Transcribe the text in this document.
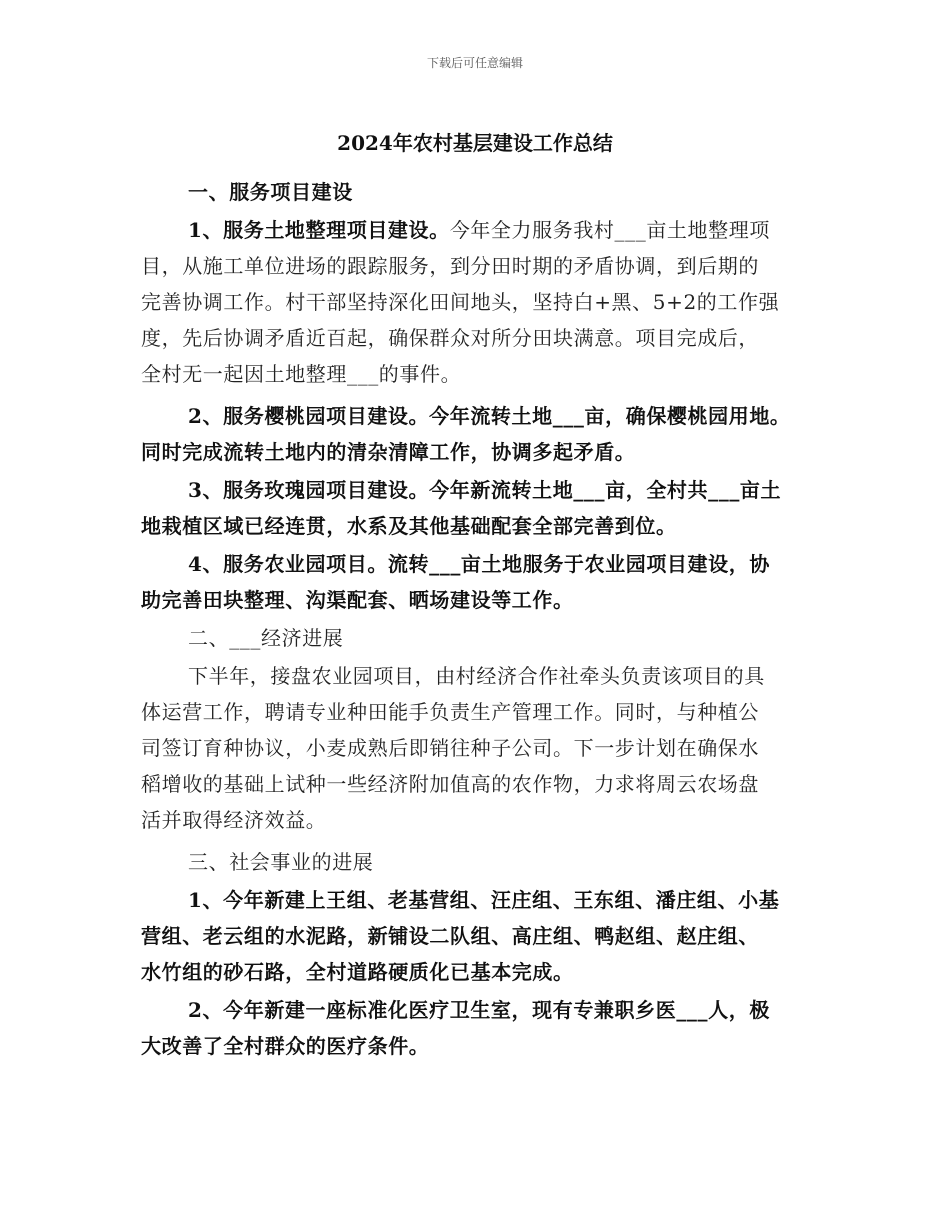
下载后可任意编辑
2024年农村基层建设工作总结
一、服务项目建设
1、服务土地整理项目建设。今年全力服务我村___亩土地整理项
目，从施工单位进场的跟踪服务，到分田时期的矛盾协调，到后期的
完善协调工作。村干部坚持深化田间地头，坚持白+黑、5+2的工作强
度，先后协调矛盾近百起，确保群众对所分田块满意。项目完成后，
全村无一起因土地整理___的事件。
2、服务樱桃园项目建设。今年流转土地___亩，确保樱桃园用地。
同时完成流转土地内的清杂清障工作，协调多起矛盾。
3、服务玫瑰园项目建设。今年新流转土地___亩，全村共___亩土
地栽植区域已经连贯，水系及其他基础配套全部完善到位。
4、服务农业园项目。流转___亩土地服务于农业园项目建设，协
助完善田块整理、沟渠配套、晒场建设等工作。
二、___经济进展
下半年，接盘农业园项目，由村经济合作社牵头负责该项目的具
体运营工作，聘请专业种田能手负责生产管理工作。同时，与种植公
司签订育种协议，小麦成熟后即销往种子公司。下一步计划在确保水
稻增收的基础上试种一些经济附加值高的农作物，力求将周云农场盘
活并取得经济效益。
三、社会事业的进展
1、今年新建上王组、老基营组、汪庄组、王东组、潘庄组、小基
营组、老云组的水泥路，新铺设二队组、高庄组、鸭赵组、赵庄组、
水竹组的砂石路，全村道路硬质化已基本完成。
2、今年新建一座标准化医疗卫生室，现有专兼职乡医___人，极
大改善了全村群众的医疗条件。
